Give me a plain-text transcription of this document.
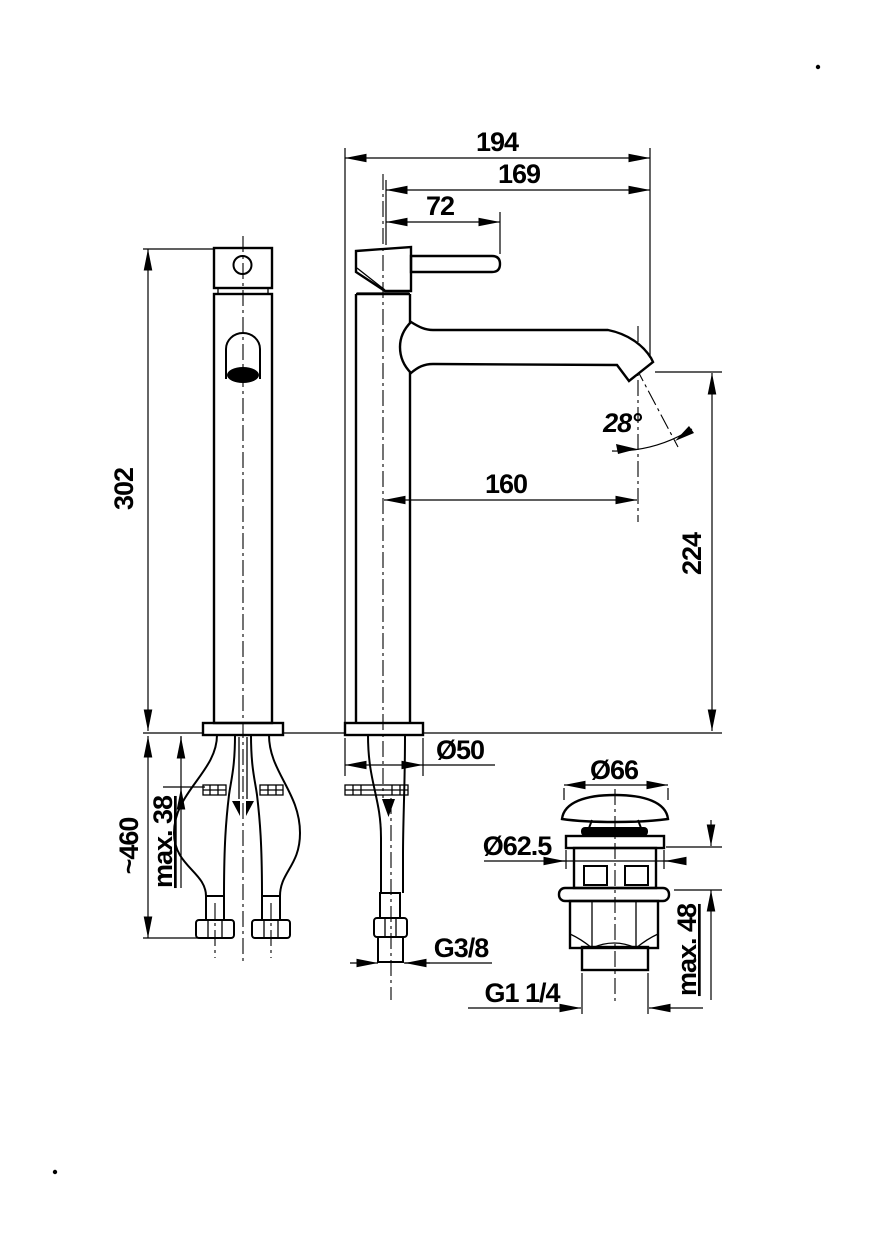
194
169
72
302
~460 max. 38
160
28°
224
Ø50
G3/8
Ø66
Ø62.5
G1 1/4	max. 48
